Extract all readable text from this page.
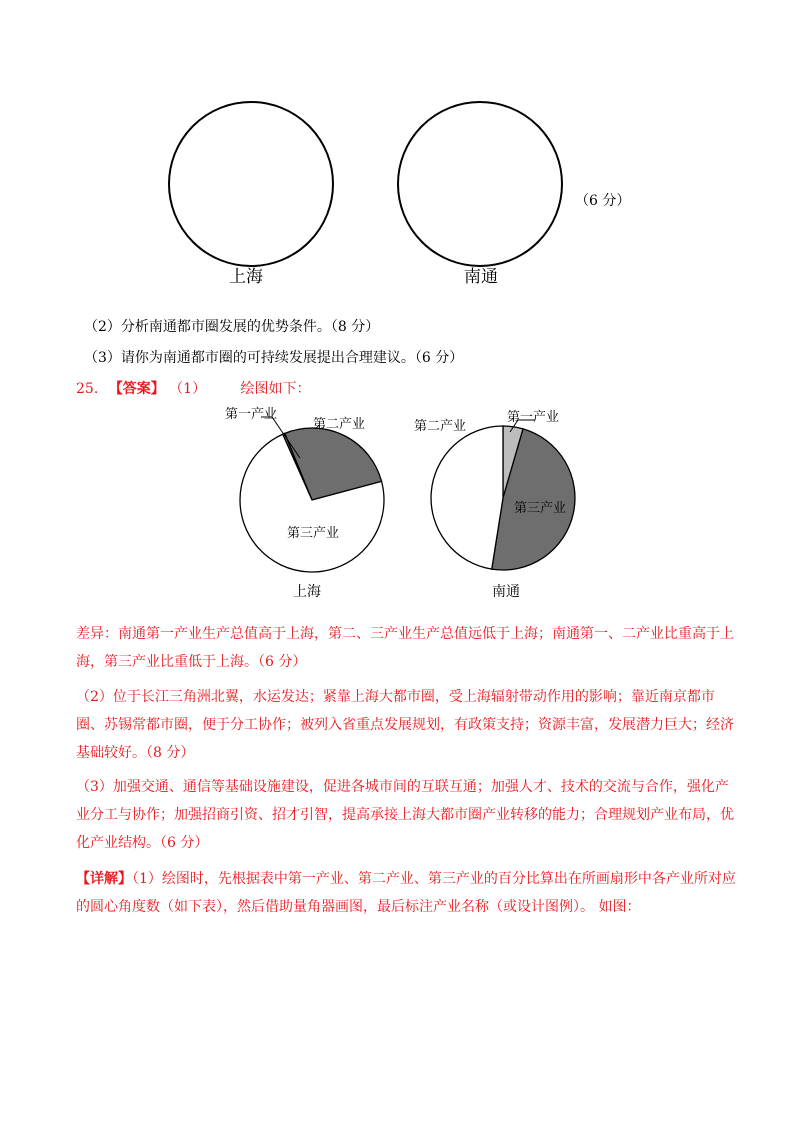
上海	南通
（6 分）
（2）分析南通都市圈发展的优势条件。（8 分）
（3）请你为南通都市圈的可持续发展提出合理建议。（6 分）
25. 【答案】 （1） 绘图如下：
第一产业
第二产业
第三产业
上海
第二产业
第一产业
第三产业
南通
差异：南通第一产业生产总值高于上海，第二、三产业生产总值远低于上海；南通第一、二产业比重高于上海，第三产业比重低于上海。（6 分）
（2）位于长江三角洲北翼，水运发达；紧靠上海大都市圈，受上海辐射带动作用的影响；靠近南京都市圈、苏锡常都市圈，便于分工协作；被列入省重点发展规划，有政策支持；资源丰富，发展潜力巨大；经济基础较好。（8 分）
（3）加强交通、通信等基础设施建设，促进各城市间的互联互通；加强人才、技术的交流与合作，强化产业分工与协作；加强招商引资、招才引智，提高承接上海大都市圈产业转移的能力；合理规划产业布局，优化产业结构。（6 分）
【详解】（1）绘图时，先根据表中第一产业、第二产业、第三产业的百分比算出在所画扇形中各产业所对应的圆心角度数（如下表），然后借助量角器画图，最后标注产业名称（或设计图例）。 如图：
